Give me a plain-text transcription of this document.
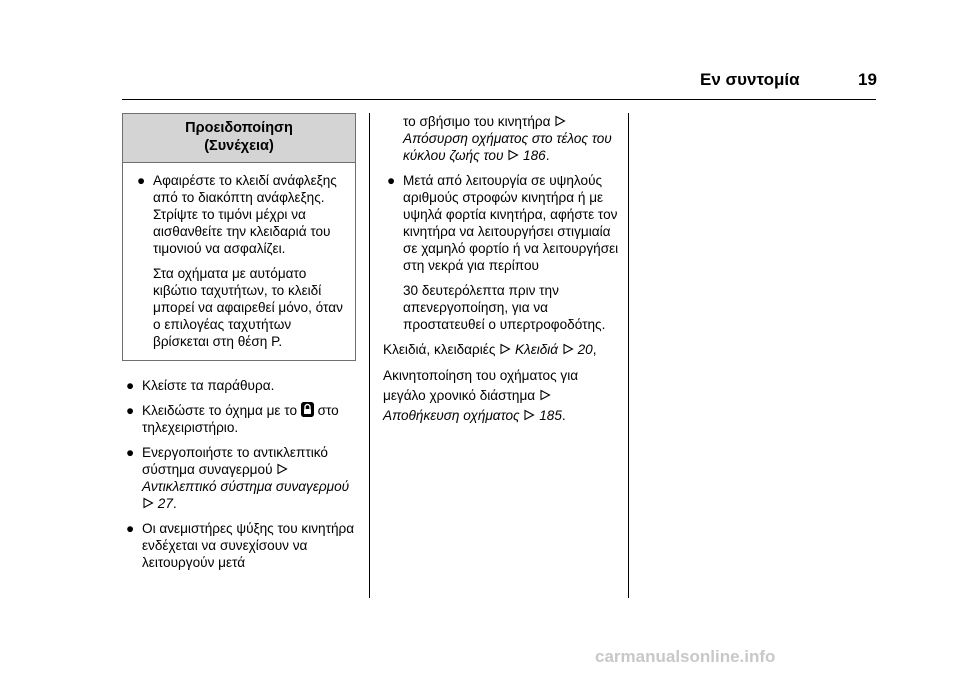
Εν συντομία	19
Προειδοποίηση
(Συνέχεια)
● Αφαιρέστε το κλειδί ανάφλεξης από το διακόπτη ανάφλεξης. Στρίψτε το τιμόνι μέχρι να αισθανθείτε την κλειδαριά του τιμονιού να ασφαλίζει.
Στα οχήματα με αυτόματο κιβώτιο ταχυτήτων, το κλειδί μπορεί να αφαιρεθεί μόνο, όταν ο επιλογέας ταχυτήτων βρίσκεται στη θέση P.
● Κλείστε τα παράθυρα.
● Κλειδώστε το όχημα με το στο τηλεχειριστήριο.
● Ενεργοποιήστε το αντικλεπτικό σύστημα συναγερμού

Αντικλεπτικό σύστημα συναγερμού
27.
● Οι ανεμιστήρες ψύξης του κινητήρα ενδέχεται να συνεχίσουν να λειτουργούν μετά
το σβήσιμο του κινητήρα

Απόσυρση οχήματος στο τέλος του κύκλου ζωής του 186.
● Μετά από λειτουργία σε υψηλούς αριθμούς στροφών κινητήρα ή με υψηλά φορτία κινητήρα, αφήστε τον κινητήρα να λειτουργήσει στιγμιαία σε χαμηλό φορτίο ή να λειτουργήσει στη νεκρά για περίπου
30 δευτερόλεπτα πριν την απενεργοποίηση, για να προστατευθεί ο υπερτροφοδότης.
Κλειδιά, κλειδαριές Κλειδιά 20,
Ακινητοποίηση του οχήματος για μεγάλο χρονικό διάστημα

Αποθήκευση οχήματος 185.
carmanualsonline.info
